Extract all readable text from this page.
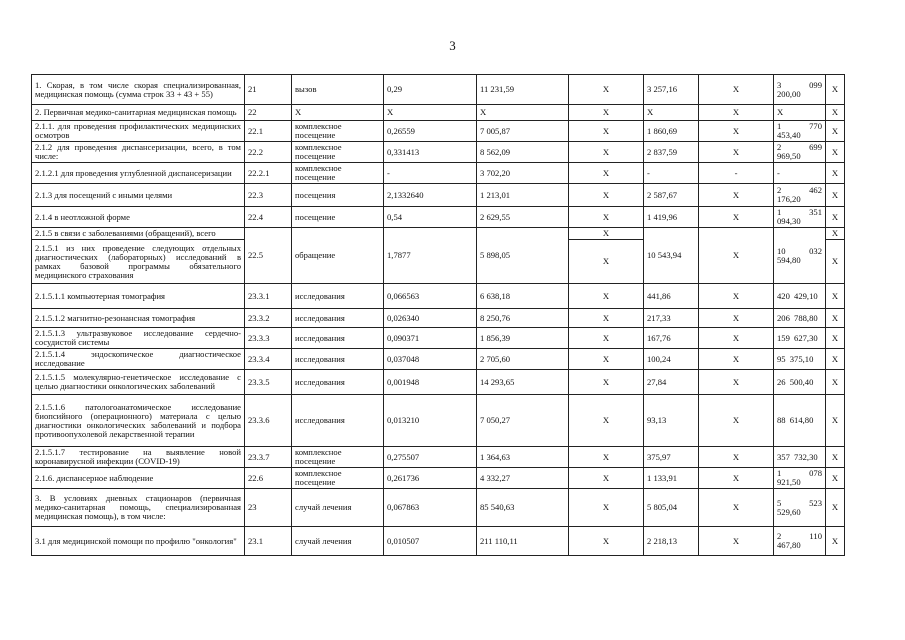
3
1. Скорая, в том числе скорая специализированная, медицинская помощь (сумма строк 33 + 43 + 55)	21	вызов	0,29	11 231,59	X	3 257,16	X	3 099 200,00	X
2. Первичная медико-санитарная медицинская помощь	22	X	X	X	X	X	X	X	X
2.1.1. для проведения профилактических медицинских осмотров	22.1	комплексное посещение	0,26559	7 005,87	X	1 860,69	X	1 770 453,40	X
2.1.2 для проведения диспансеризации, всего, в том числе:	22.2	комплексное посещение	0,331413	8 562,09	X	2 837,59	X	2 699 969,50	X
2.1.2.1 для проведения углубленной диспансеризации	22.2.1	комплексное посещение	-	3 702,20	X	-	-	-	X
2.1.3 для посещений с иными целями	22.3	посещения	2,1332640	1 213,01	X	2 587,67	X	2 462 176,20	X
2.1.4 в неотложной форме	22.4	посещение	0,54	2 629,55	X	1 419,96	X	1 351 094,30	X
2.1.5 в связи с заболеваниями (обращений), всего	22.5	обращение	1,7877	5 898,05	X	10 543,94	X	10 032 594,80	X
2.1.5.1 из них проведение следующих отдельных диагностических (лабораторных) исследований в рамках базовой программы обязательного медицинского страхования					X				X
2.1.5.1.1 компьютерная томография	23.3.1	исследования	0,066563	6 638,18	X	441,86	X	420 429,10	X
2.1.5.1.2 магнитно-резонансная томография	23.3.2	исследования	0,026340	8 250,76	X	217,33	X	206 788,80	X
2.1.5.1.3 ультразвуковое исследование сердечно-сосудистой системы	23.3.3	исследования	0,090371	1 856,39	X	167,76	X	159 627,30	X
2.1.5.1.4 эндоскопическое диагностическое исследование	23.3.4	исследования	0,037048	2 705,60	X	100,24	X	95 375,10	X
2.1.5.1.5 молекулярно-генетическое исследование с целью диагностики онкологических заболеваний	23.3.5	исследования	0,001948	14 293,65	X	27,84	X	26 500,40	X
2.1.5.1.6 патологоанатомическое исследование биопсийного (операционного) материала с целью диагностики онкологических заболеваний и подбора противоопухолевой лекарственной терапии	23.3.6	исследования	0,013210	7 050,27	X	93,13	X	88 614,80	X
2.1.5.1.7 тестирование на выявление новой коронавирусной инфекции (COVID-19)	23.3.7	комплексное посещение	0,275507	1 364,63	X	375,97	X	357 732,30	X
2.1.6. диспансерное наблюдение	22.6	комплексное посещение	0,261736	4 332,27	X	1 133,91	X	1 078 921,50	X
3. В условиях дневных стационаров (первичная медико-санитарная помощь, специализированная медицинская помощь), в том числе:	23	случай лечения	0,067863	85 540,63	X	5 805,04	X	5 523 529,60	X
3.1 для медицинской помощи по профилю "онкология"	23.1	случай лечения	0,010507	211 110,11	X	2 218,13	X	2 110 467,80	X
